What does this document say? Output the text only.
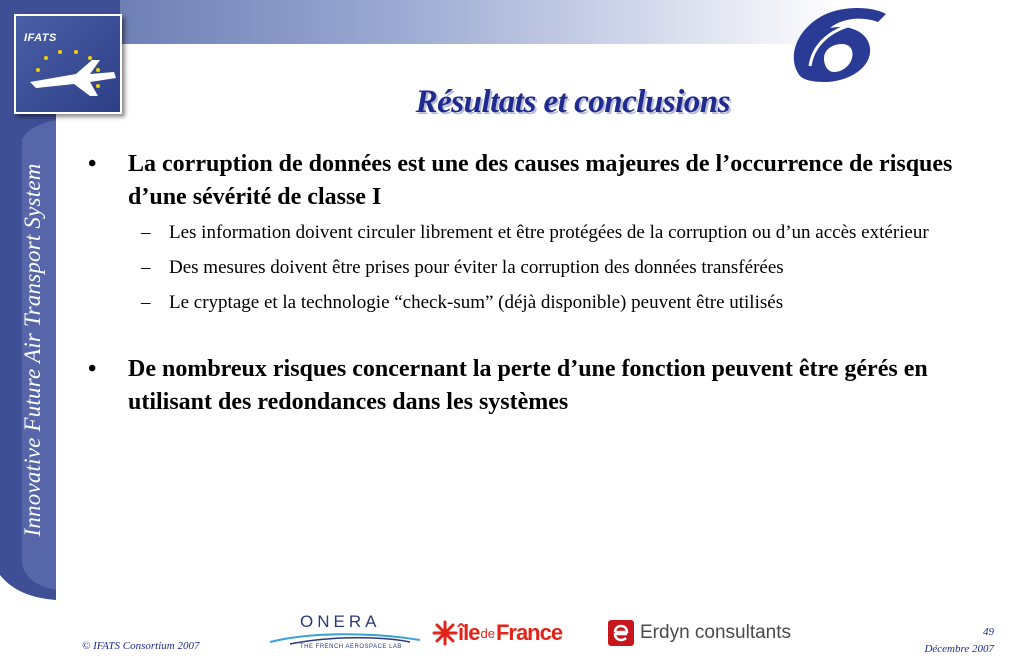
Innovative Future Air Transport System
IFATS
Résultats et conclusions
• La corruption de données est une des causes majeures de l’occurrence de risques d’une sévérité de classe I
– Les information doivent circuler librement et être protégées de la corruption ou d’un accès extérieur
– Des mesures doivent être prises pour éviter la corruption des données transférées
– Le cryptage et la technologie “check-sum” (déjà disponible) peuvent être utilisés
• De nombreux risques concernant la perte d’une fonction peuvent être gérés en utilisant des redondances dans les systèmes
ONERA
THE FRENCH AEROSPACE LAB
île de France	Erdyn consultants
© IFATS Consortium 2007
49
Décembre 2007
